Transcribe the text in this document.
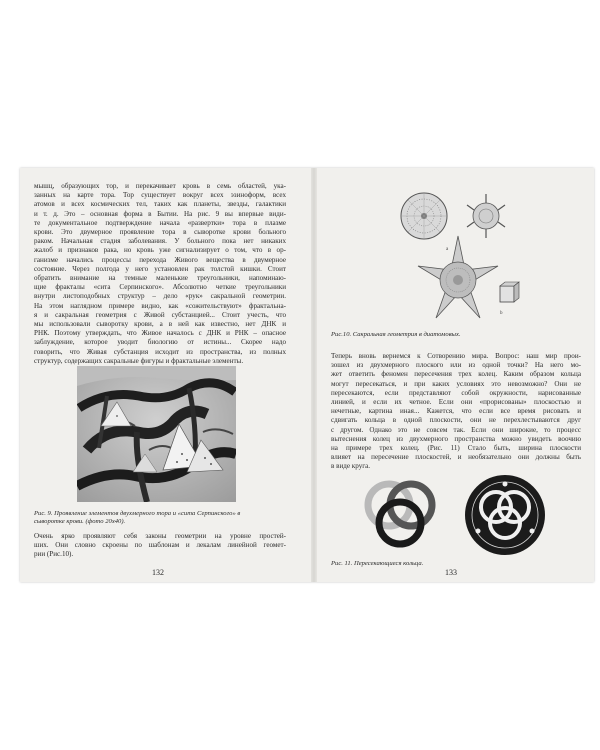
мышц, образующих тор, и перекачивает кровь в семь областей, ука-
занных на карте тора. Тор существует вокруг всех эзиноформ, всех
атомов и всех космических тел, таких как планеты, звезды, галактики
и т. д. Это – основная форма в Бытии. На рис. 9 вы впервые види-
те документальное подтверждение начала «развертки» тора в плазме
крови. Это двумерное проявление тора в сыворотке крови больного
раком. Начальная стадия заболевания. У больного пока нет никаких
жалоб и признаков рака, но кровь уже сигнализирует о том, что в ор-
ганизме начались процессы перехода Живого вещества в двумерное
состояние. Через полгода у него установлен рак толстой кишки. Стоит
обратить внимание на темные маленькие треугольники, напоминаю-
щие фракталы «сита Серпинского». Абсолютно четкие треугольники
внутри листоподобных структур – дело «рук» сакральной геометрии.
На этом наглядном примере видно, как «сожительствуют» фрактальна-
я и сакральная геометрия с Живой субстанцией... Стоит учесть, что
мы использовали сыворотку крови, а в ней как известно, нет ДНК и
РНК. Поэтому утверждать, что Живое началось с ДНК и РНК – опасное
заблуждение, которое уводит биологию от истины... Скорее надо
говорить, что Живая субстанция исходит из пространства, из полных
структур, содержащих сакральные фигуры и фрактальные элементы.
Рис. 9. Проявление элементов двухмерного тора и «сита Серпинского» в
сыворотке крови. (фото 20х40).
Очень ярко проявляют себя законы геометрии на уровне простей-
ших. Они словно скроены по шаблонам и лекалам линейной геомет-
рии (Рис.10).
132
a
b
Рис.10. Сакральная геометрия в диатомовых.
Теперь вновь вернемся к Сотворению мира. Вопрос: наш мир прои-
зошел из двухмерного плоского или из одной точки? На него мо-
жет ответить феномен пересечения трех колец. Каким образом кольца
могут пересекаться, и при каких условиях это невозможно? Они не
пересекаются, если представляют собой окружности, нарисованные
линией, и если их четное. Если они «прорисованы» плоскостью и
нечетные, картина иная... Кажется, что если все время рисовать и
сдвигать кольца в одной плоскости, они не перехлестываются друг
с другом. Однако это не совсем так. Если они широкие, то процесс
вытеснения колец из двухмерного пространства можно увидеть воочию
на примере трех колец. (Рис. 11) Стало быть, ширина плоскости
влияет на пересечение плоскостей, и необязательно они должны быть
в виде круга.
Рис. 11. Пересекающиеся кольца.
133
